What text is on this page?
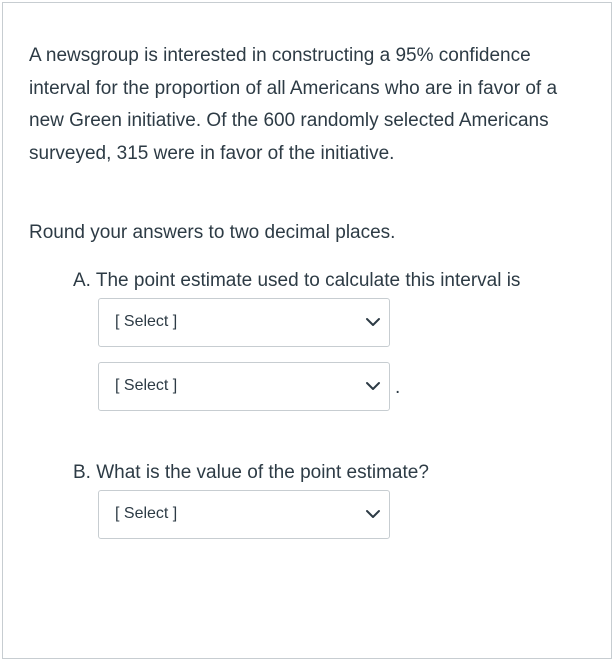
A newsgroup is interested in constructing a 95% confidence interval for the proportion of all Americans who are in favor of a new Green initiative. Of the 600 randomly selected Americans surveyed, 315 were in favor of the initiative.
Round your answers to two decimal places.
A. The point estimate used to calculate this interval is
[ Select ]
[ Select ]	.
B. What is the value of the point estimate?
[ Select ]
